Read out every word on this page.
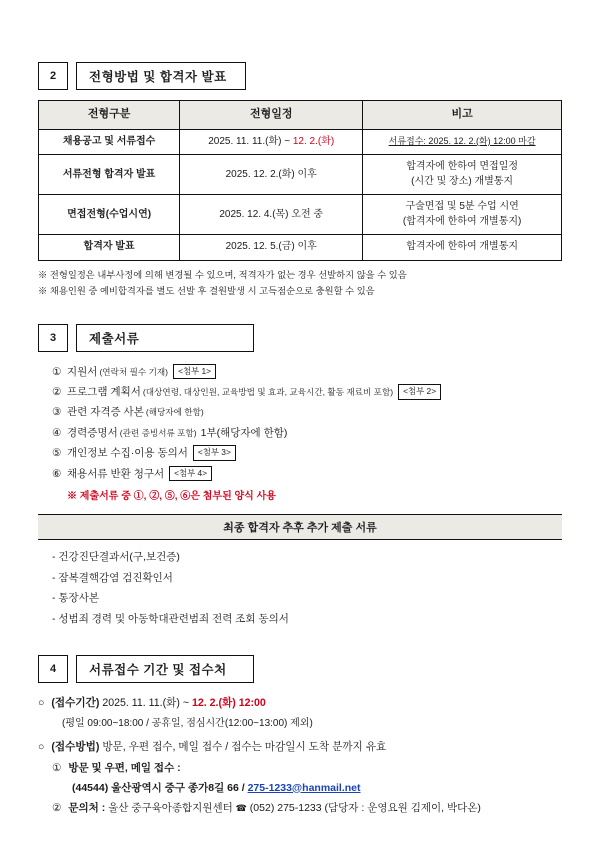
2	전형방법 및 합격자 발표
전형구분	전형일정	비고
채용공고 및 서류접수	2025. 11. 11.(화) ~ 12. 2.(화)	서류접수: 2025. 12. 2.(화) 12:00 마감
서류전형 합격자 발표	2025. 12. 2.(화) 이후	합격자에 한하여 면접일정
(시간 및 장소) 개별통지

면접전형(수업시연)	2025. 12. 4.(목) 오전 중	구술면접 및 5분 수업 시연
(합격자에 한하여 개별통지)

합격자 발표	2025. 12. 5.(금) 이후	합격자에 한하여 개별통지
※ 전형일정은 내부사정에 의해 변경될 수 있으며, 적격자가 없는 경우 선발하지 않을 수 있음
※ 채용인원 중 예비합격자를 별도 선발 후 결원발생 시 고득점순으로 충원할 수 있음
3	제출서류
① 지원서 (연락처 필수 기재)	<첨부 1>
② 프로그램 계획서 (대상연령, 대상인원, 교육방법 및 효과, 교육시간, 활동 재료비 포함)	<첨부 2>
③ 관련 자격증 사본 (해당자에 한함)
④ 경력증명서 (관련 증빙서류 포함) 1부(해당자에 한함)
⑤ 개인정보 수집·이용 동의서	<첨부 3>
⑥ 채용서류 반환 청구서	<첨부 4>
※ 제출서류 중 ①, ②, ⑤, ⑥은 첨부된 양식 사용
최종 합격자 추후 추가 제출 서류
- 건강진단결과서(구,보건증)
- 잠복결핵감염 검진확인서
- 통장사본
- 성범죄 경력 및 아동학대관련범죄 전력 조회 동의서
4	서류접수 기간 및 접수처
○ (접수기간) 2025. 11. 11.(화) ~ 12. 2.(화) 12:00
(평일 09:00~18:00 / 공휴일, 점심시간(12:00~13:00) 제외)
○ (접수방법) 방문, 우편 접수, 메일 접수 / 접수는 마감일시 도착 분까지 유효
① 방문 및 우편, 메일 접수 :
(44544) 울산광역시 중구 종가8길 66 / 275-1233@hanmail.net
② 문의처 : 울산 중구육아종합지원센터 ☎ (052) 275-1233 (담당자 : 운영요원 김제이, 박다온)
